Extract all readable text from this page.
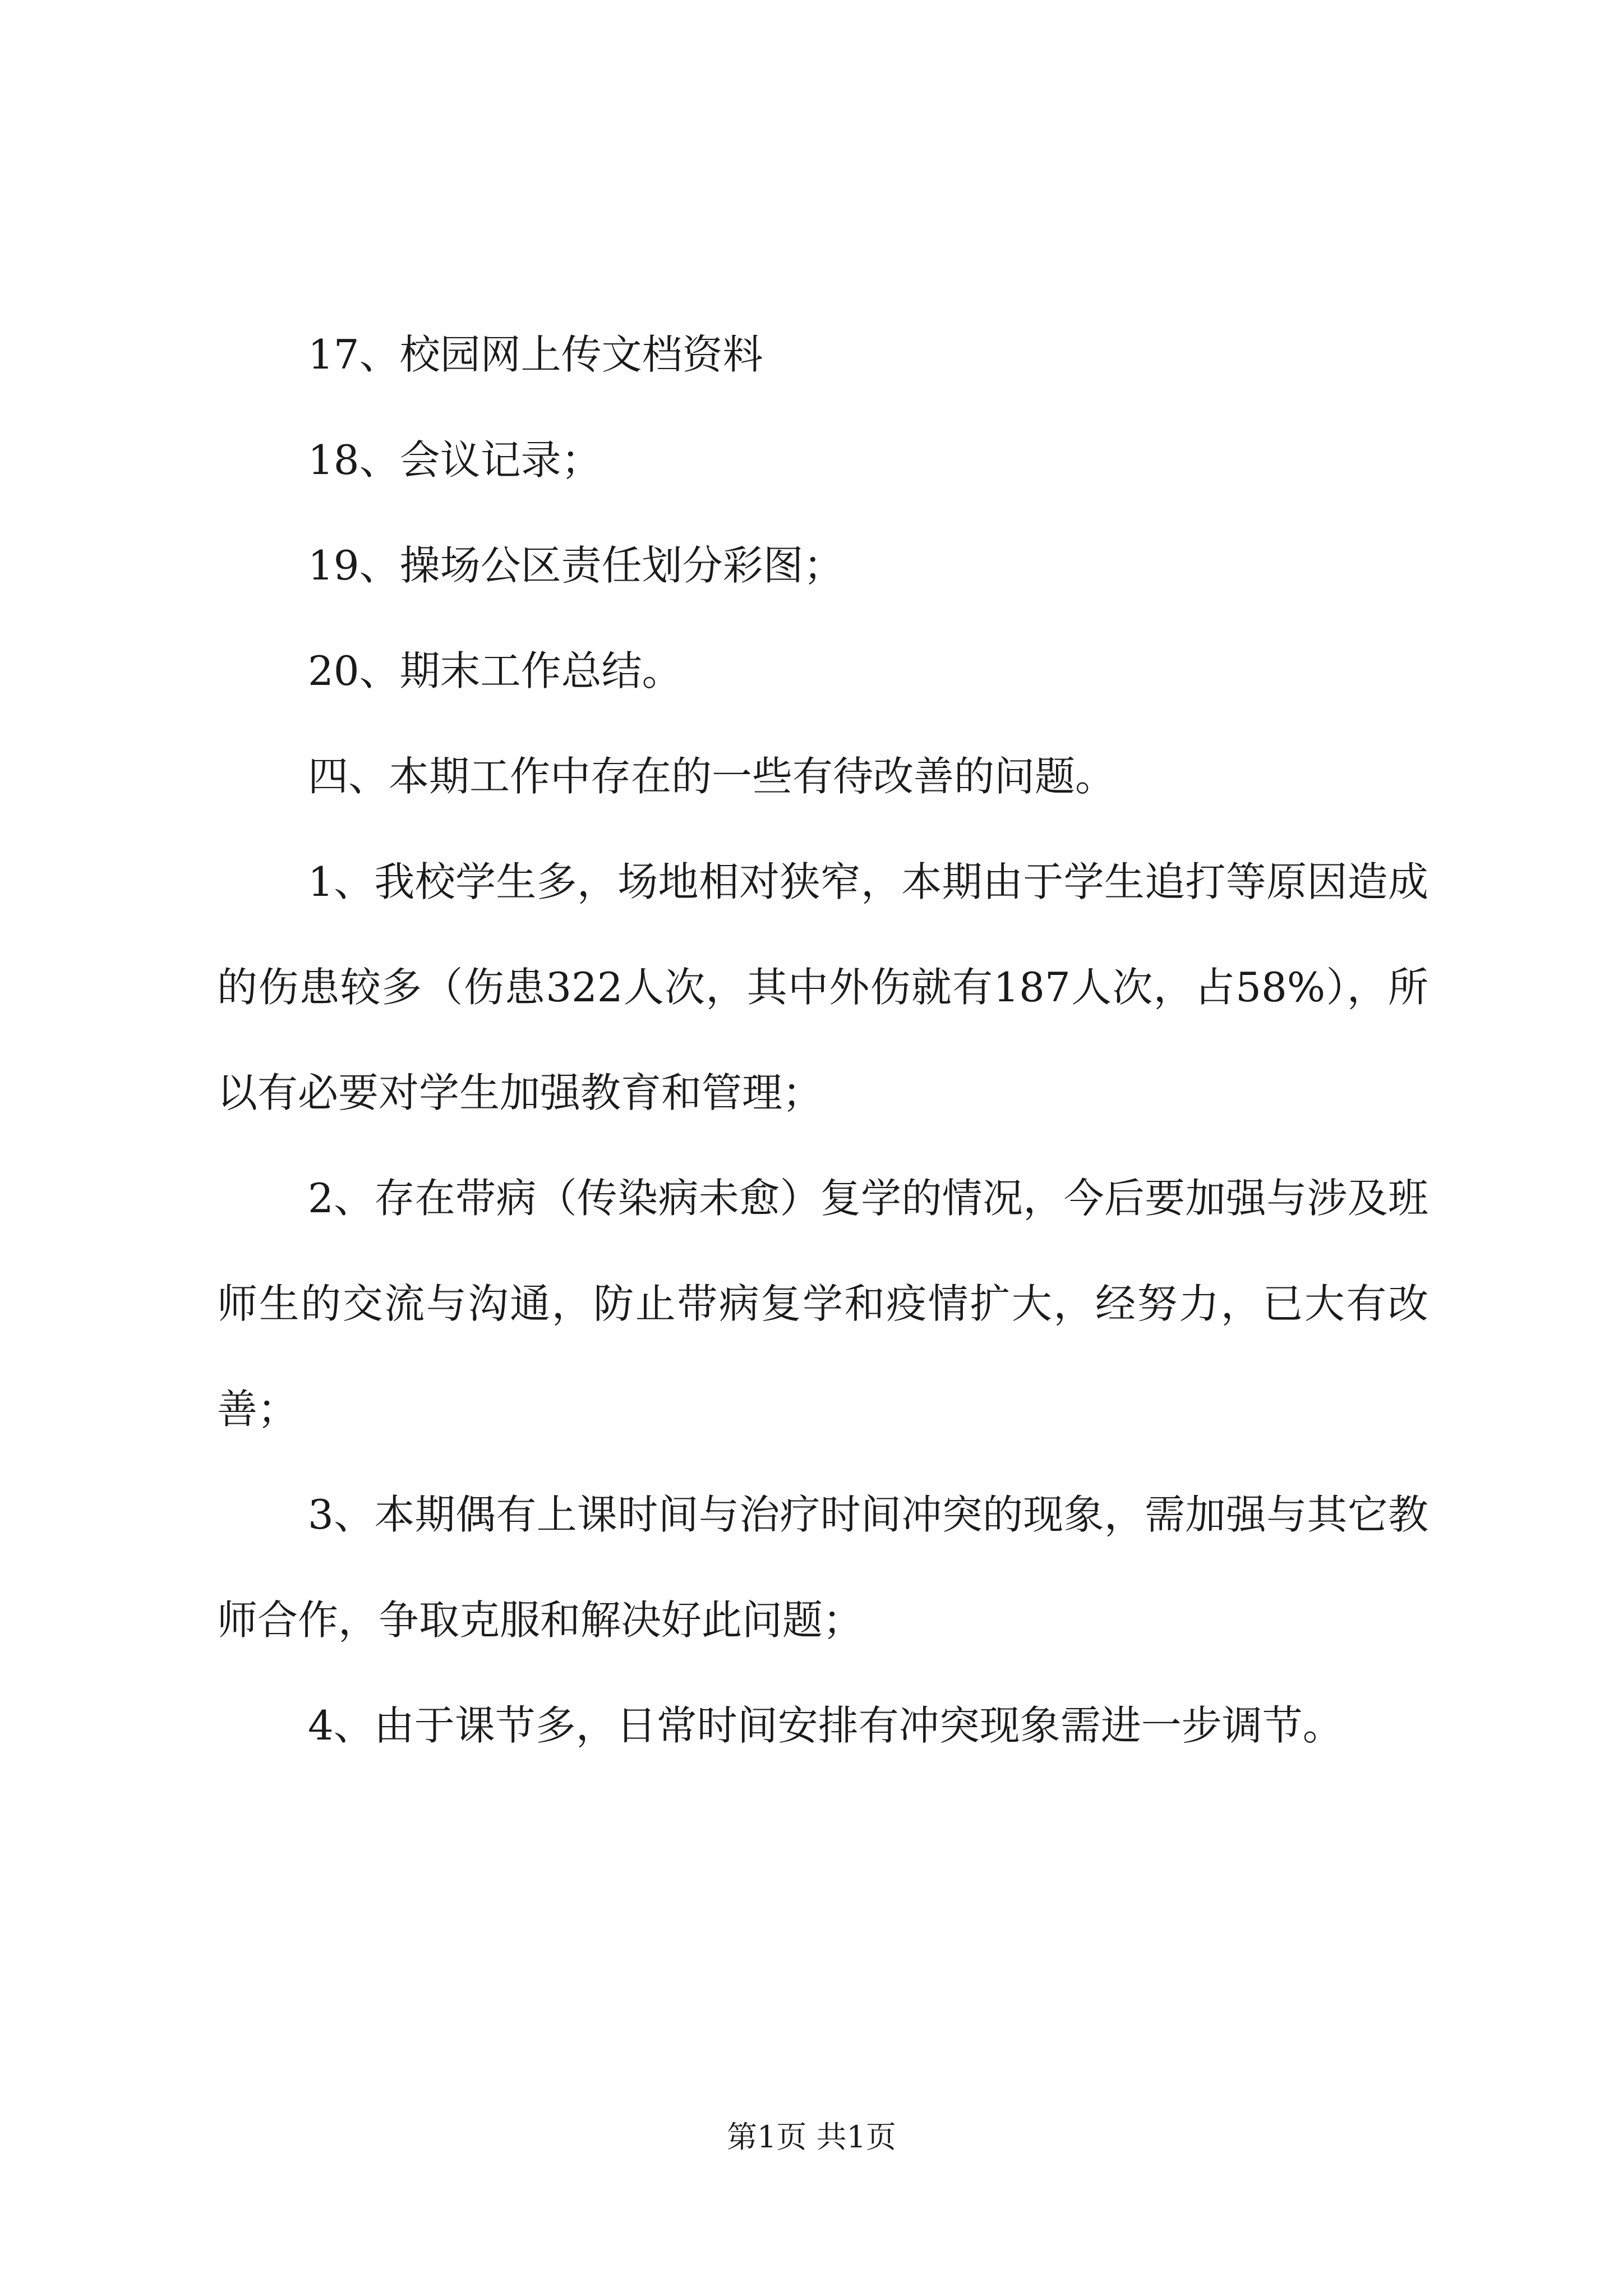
17、校园网上传文档资料

18、会议记录；

19、操场公区责任划分彩图；

20、期末工作总结。

四、本期工作中存在的一些有待改善的问题。

1、我校学生多，场地相对狭窄，本期由于学生追打等原因造成的伤患较多（伤患322人次，其中外伤就有187人次，占58%），所以有必要对学生加强教育和管理；

2、存在带病（传染病未愈）复学的情况，今后要加强与涉及班师生的交流与沟通，防止带病复学和疫情扩大，经努力，已大有改善；

3、本期偶有上课时间与治疗时间冲突的现象，需加强与其它教师合作，争取克服和解决好此问题；

4、由于课节多，日常时间安排有冲突现象需进一步调节。

第1页 共1页
